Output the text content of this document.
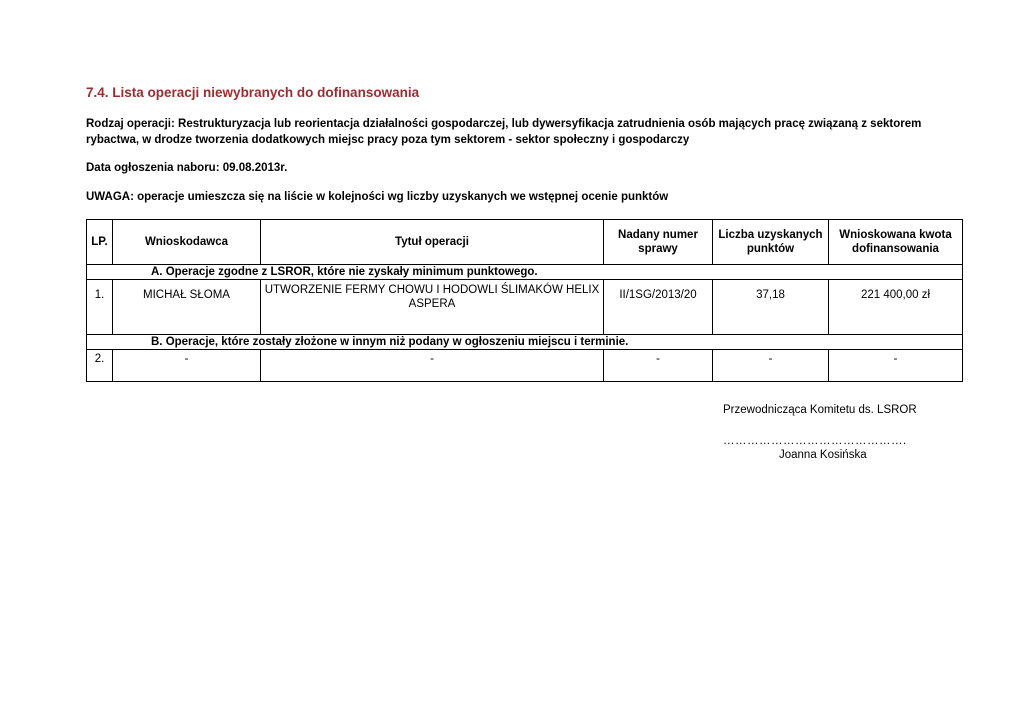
7.4. Lista operacji niewybranych do dofinansowania
Rodzaj operacji: Restrukturyzacja lub reorientacja działalności gospodarczej, lub dywersyfikacja zatrudnienia osób mających pracę związaną z sektorem rybactwa, w drodze tworzenia dodatkowych miejsc pracy poza tym sektorem - sektor społeczny i gospodarczy
Data ogłoszenia naboru: 09.08.2013r.
UWAGA: operacje umieszcza się na liście w kolejności wg liczby uzyskanych we wstępnej ocenie punktów
LP.	Wnioskodawca	Tytuł operacji	Nadany numer sprawy	Liczba uzyskanych punktów	Wnioskowana kwota dofinansowania
A. Operacje zgodne z LSROR, które nie zyskały minimum punktowego.					
1.	MICHAŁ SŁOMA	UTWORZENIE FERMY CHOWU I HODOWLI ŚLIMAKÓW HELIX ASPERA	II/1SG/2013/20	37,18	221 400,00 zł
B. Operacje, które zostały złożone w innym niż podany w ogłoszeniu miejscu i terminie.					
2.	-	-	-	-	-
Przewodnicząca Komitetu ds. LSROR
……………………………………….
Joanna Kosińska
